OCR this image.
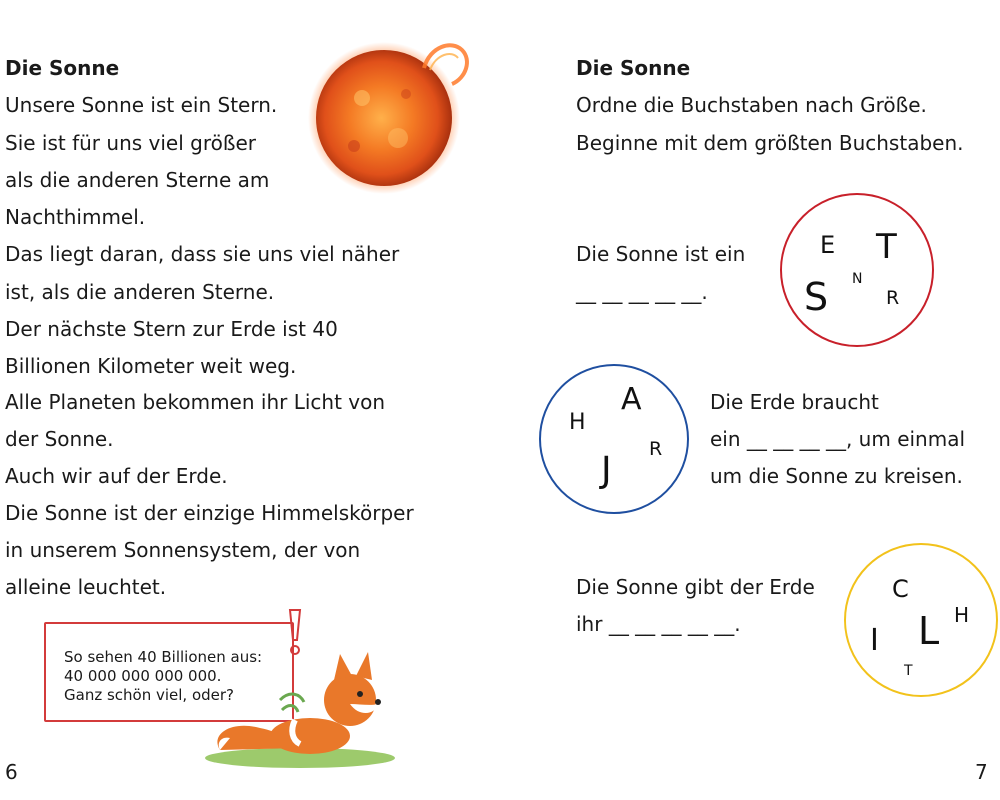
Die Sonne
Unsere Sonne ist ein Stern.
Sie ist für uns viel größer
als die anderen Sterne am
Nachthimmel.
Das liegt daran, dass sie uns viel näher
ist, als die anderen Sterne.
Der nächste Stern zur Erde ist 40
Billionen Kilometer weit weg.
Alle Planeten bekommen ihr Licht von
der Sonne.
Auch wir auf der Erde.
Die Sonne ist der einzige Himmelskörper
in unserem Sonnensystem, der von
alleine leuchtet.
So sehen 40 Billionen aus:
40 000 000 000 000.
Ganz schön viel, oder?
6
Die Sonne
Ordne die Buchstaben nach Größe.
Beginne mit dem größten Buchstaben.
Die Sonne ist ein
__ __ __ __ __.
Die Erde braucht
ein __ __ __ __, um einmal
um die Sonne zu kreisen.
Die Sonne gibt der Erde
ihr __ __ __ __ __.
7
E T
N
S	R
A
H
R
J
C
H
L
I
T
